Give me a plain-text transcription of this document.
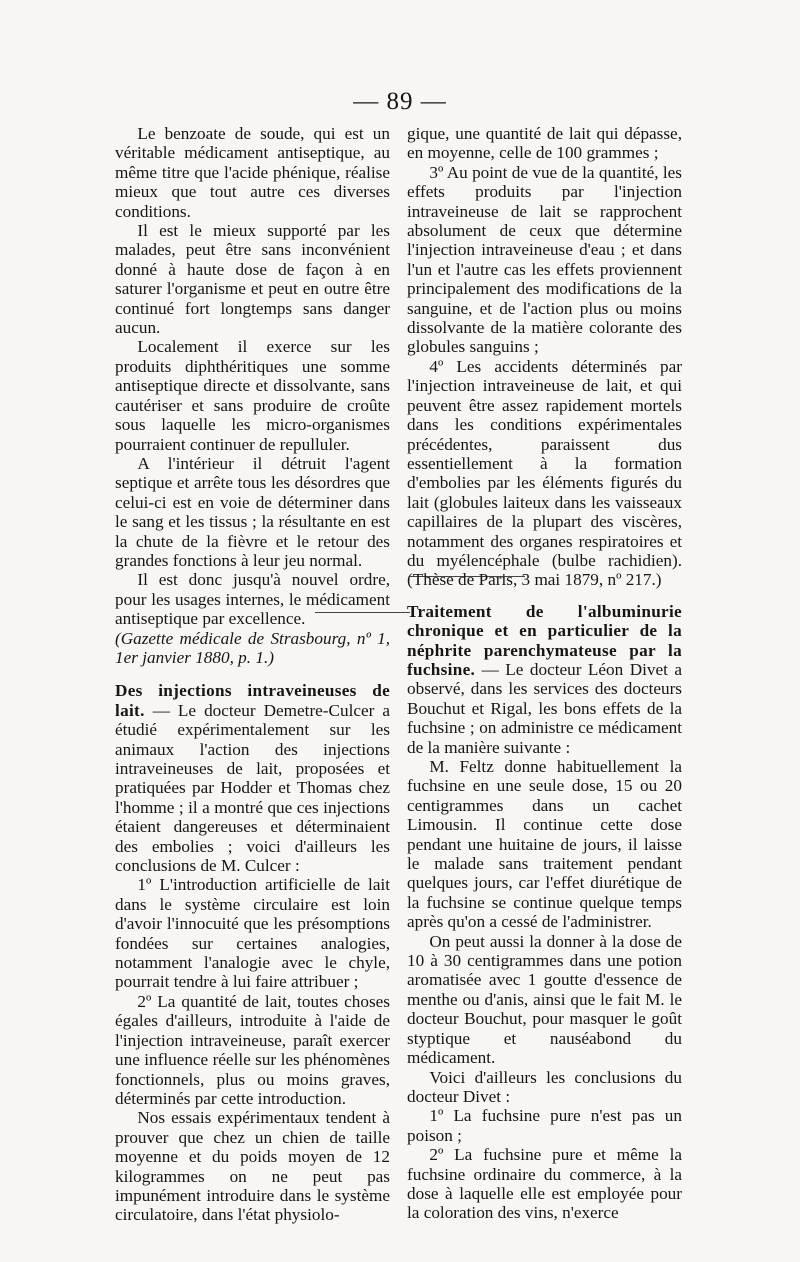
— 89 —

Le benzoate de soude, qui est un véritable médicament antiseptique, au même titre que l'acide phénique, réalise mieux que tout autre ces diverses conditions.

Il est le mieux supporté par les malades, peut être sans inconvénient donné à haute dose de façon à en saturer l'organisme et peut en outre être continué fort longtemps sans danger aucun.

Localement il exerce sur les produits diphthéritiques une somme antiseptique directe et dissolvante, sans cautériser et sans produire de croûte sous laquelle les micro-organismes pourraient continuer de repulluler.

A l'intérieur il détruit l'agent septique et arrête tous les désordres que celui-ci est en voie de déterminer dans le sang et les tissus ; la résultante en est la chute de la fièvre et le retour des grandes fonctions à leur jeu normal.

Il est donc jusqu'à nouvel ordre, pour les usages internes, le médicament antiseptique par excellence.

(Gazette médicale de Strasbourg, nº 1, 1er janvier 1880, p. 1.)

Des injections intraveineuses de lait. — Le docteur Demetre-Culcer a étudié expérimentalement sur les animaux l'action des injections intraveineuses de lait, proposées et pratiquées par Hodder et Thomas chez l'homme ; il a montré que ces injections étaient dangereuses et déterminaient des embolies ; voici d'ailleurs les conclusions de M. Culcer :

1º L'introduction artificielle de lait dans le système circulaire est loin d'avoir l'innocuité que les présomptions fondées sur certaines analogies, notamment l'analogie avec le chyle, pourrait tendre à lui faire attribuer ;

2º La quantité de lait, toutes choses égales d'ailleurs, introduite à l'aide de l'injection intraveineuse, paraît exercer une influence réelle sur les phénomènes fonctionnels, plus ou moins graves, déterminés par cette introduction.

Nos essais expérimentaux tendent à prouver que chez un chien de taille moyenne et du poids moyen de 12 kilogrammes on ne peut pas impunément introduire dans le système circulatoire, dans l'état physiolo-

gique, une quantité de lait qui dépasse, en moyenne, celle de 100 grammes ;

3º Au point de vue de la quantité, les effets produits par l'injection intraveineuse de lait se rapprochent absolument de ceux que détermine l'injection intraveineuse d'eau ; et dans l'un et l'autre cas les effets proviennent principalement des modifications de la sanguine, et de l'action plus ou moins dissolvante de la matière colorante des globules sanguins ;

4º Les accidents déterminés par l'injection intraveineuse de lait, et qui peuvent être assez rapidement mortels dans les conditions expérimentales précédentes, paraissent dus essentiellement à la formation d'embolies par les éléments figurés du lait (globules laiteux dans les vaisseaux capillaires de la plupart des viscères, notamment des organes respiratoires et du myélencéphale (bulbe rachidien). (Thèse de Paris, 3 mai 1879, nº 217.)

Traitement de l'albuminurie chronique et en particulier de la néphrite parenchymateuse par la fuchsine. — Le docteur Léon Divet a observé, dans les services des docteurs Bouchut et Rigal, les bons effets de la fuchsine ; on administre ce médicament de la manière suivante :

M. Feltz donne habituellement la fuchsine en une seule dose, 15 ou 20 centigrammes dans un cachet Limousin. Il continue cette dose pendant une huitaine de jours, il laisse le malade sans traitement pendant quelques jours, car l'effet diurétique de la fuchsine se continue quelque temps après qu'on a cessé de l'administrer.

On peut aussi la donner à la dose de 10 à 30 centigrammes dans une potion aromatisée avec 1 goutte d'essence de menthe ou d'anis, ainsi que le fait M. le docteur Bouchut, pour masquer le goût styptique et nauséabond du médicament.

Voici d'ailleurs les conclusions du docteur Divet :

1º La fuchsine pure n'est pas un poison ;

2º La fuchsine pure et même la fuchsine ordinaire du commerce, à la dose à laquelle elle est employée pour la coloration des vins, n'exerce
